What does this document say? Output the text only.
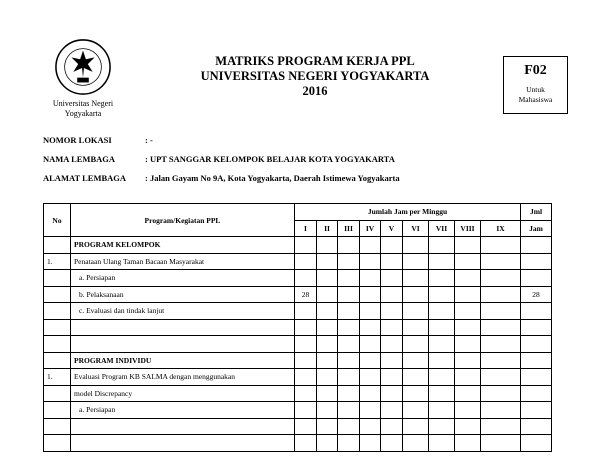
Universitas Negeri
Yogyakarta
MATRIKS PROGRAM KERJA PPL
UNIVERSITAS NEGERI YOGYAKARTA
2016
F02
Untuk
Mahasiswa
NOMOR LOKASI	: -
NAMA LEMBAGA	: UPT SANGGAR KELOMPOK BELAJAR KOTA YOGYAKARTA
ALAMAT LEMBAGA : Jalan Gayam No 9A, Kota Yogyakarta, Daerah Istimewa Yogyakarta
No	Program/Kegiatan PPL	Jumlah Jam per Minggu									Jml
		I	II	III	IV	V	VI	VII	VIII	IX	Jam
	PROGRAM KELOMPOK										
1.	Penataan Ulang Taman Bacaan Masyarakat										
	a. Persiapan										
	b. Pelaksanaan	28									28
	c. Evaluasi dan tindak lanjut										

	PROGRAM INDIVIDU										
1.	Evaluasi Program KB SALMA dengan menggunakan										
	model Discrepancy										
	a. Persiapan										
